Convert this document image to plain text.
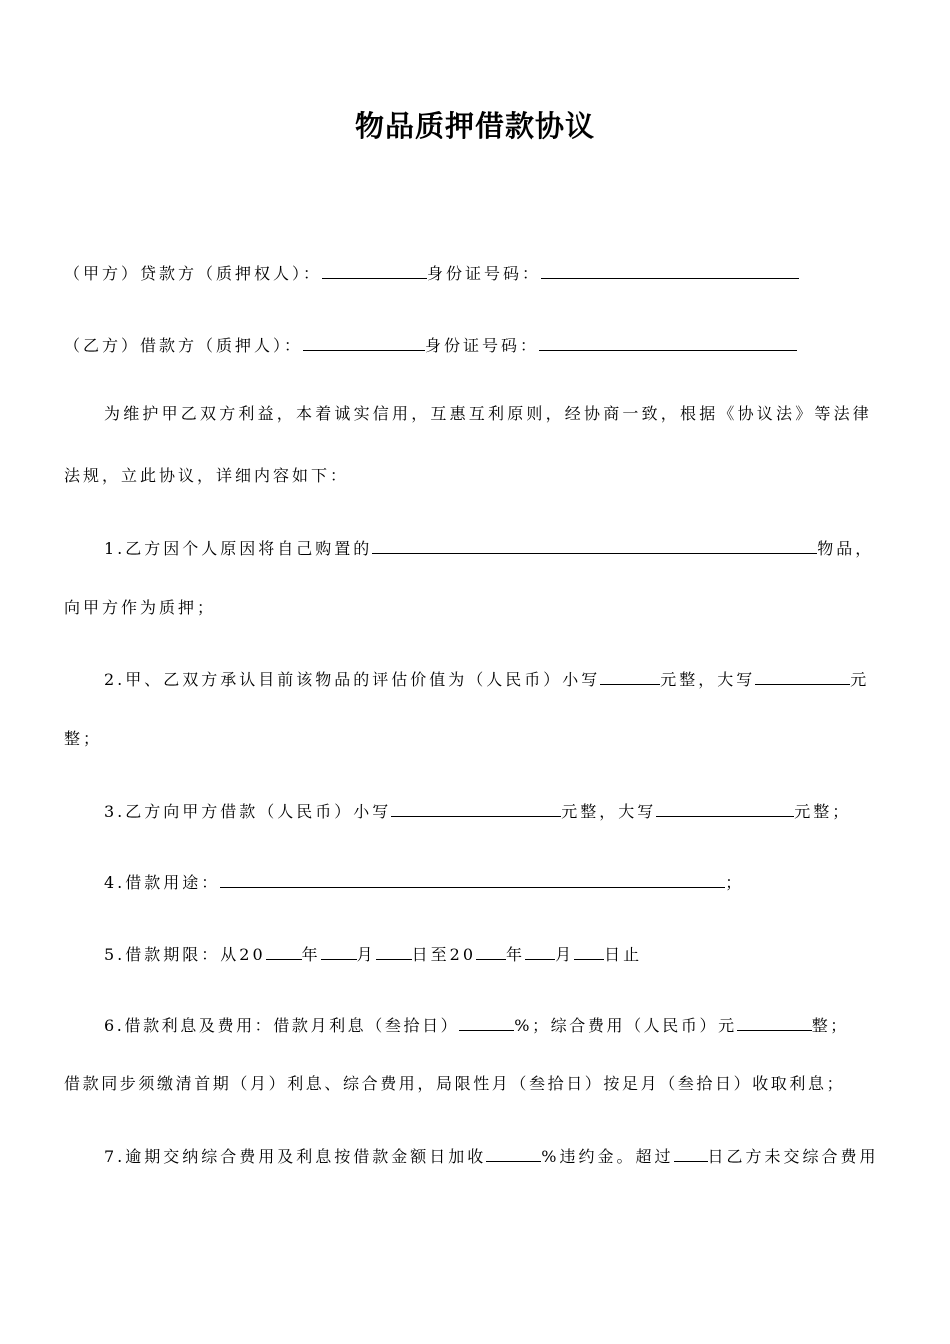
物品质押借款协议

（甲方）贷款方（质押权人）：	身份证号码：

（乙方）借款方（质押人）：	身份证号码：

为维护甲乙双方利益，本着诚实信用，互惠互利原则，经协商一致，根据《协议法》等法律

法规，立此协议，详细内容如下：

1.乙方因个人原因将自己购置的	物品，

向甲方作为质押；

2.甲、乙双方承认目前该物品的评估价值为（人民币）小写	元整，大写	元

整；

3.乙方向甲方借款（人民币）小写	元整，大写	元整；

4.借款用途：	；

5.借款期限：从20 年 月 日至20 年 月 日止

6.借款利息及费用：借款月利息（叁拾日）	%；综合费用（人民币）元	整；

借款同步须缴清首期（月）利息、综合费用，局限性月（叁拾日）按足月（叁拾日）收取利息；

7.逾期交纳综合费用及利息按借款金额日加收	%违约金。超过 日乙方未交综合费用
